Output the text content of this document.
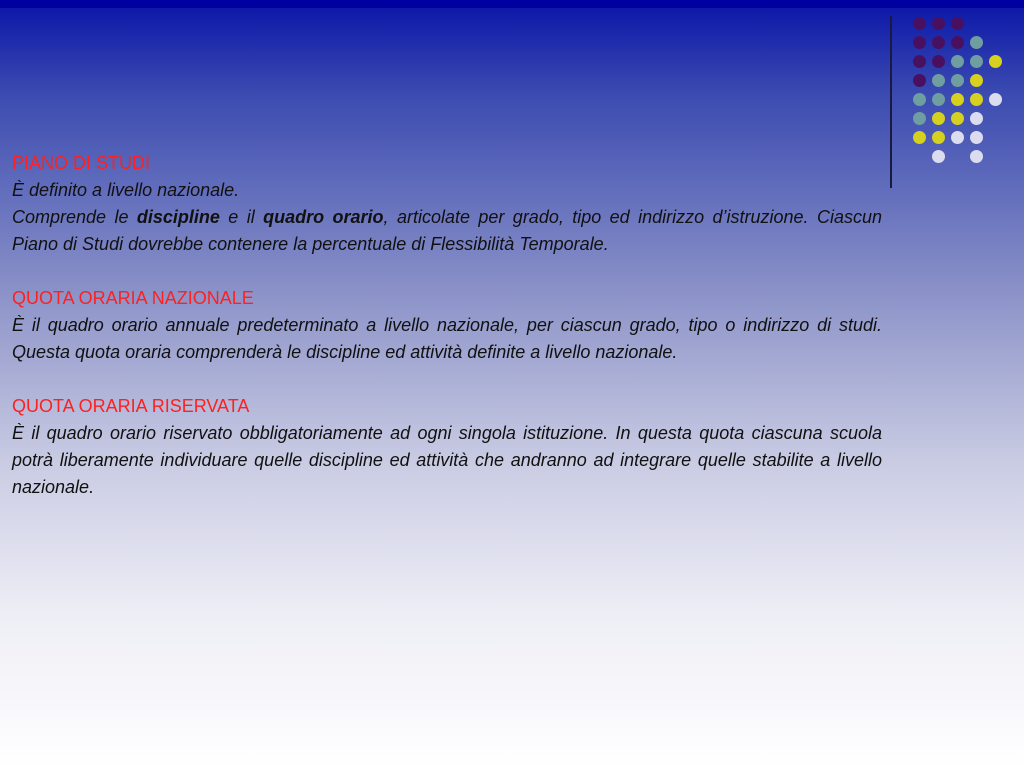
PIANO DI STUDI
È definito a livello nazionale.
Comprende le discipline e il quadro orario, articolate per grado, tipo ed indirizzo d’istruzione. Ciascun Piano di Studi dovrebbe contenere la percentuale di Flessibilità Temporale.
QUOTA ORARIA NAZIONALE
È il quadro orario annuale predeterminato a livello nazionale, per ciascun grado, tipo o indirizzo di studi. Questa quota oraria comprenderà le discipline ed attività definite a livello nazionale.
QUOTA ORARIA RISERVATA
È il quadro orario riservato obbligatoriamente ad ogni singola istituzione. In questa quota ciascuna scuola potrà liberamente individuare quelle discipline ed attività che andranno ad integrare quelle stabilite a livello nazionale.
